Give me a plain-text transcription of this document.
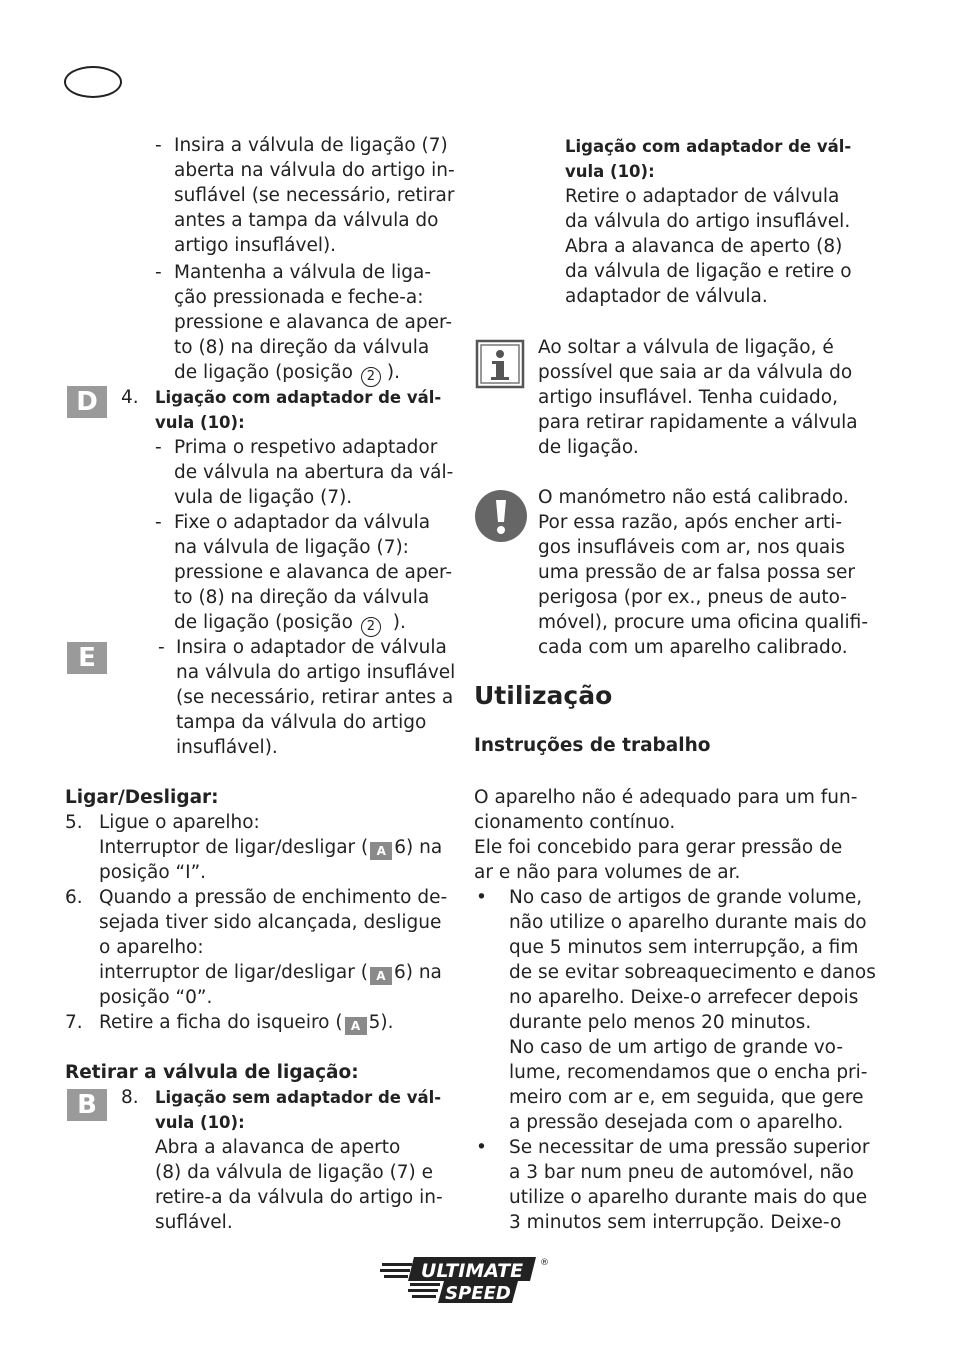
D
E
B
- Insira a válvula de ligação (7)
aberta na válvula do artigo in-
suflável (se necessário, retirar
antes a tampa da válvula do
artigo insuflável).
- Mantenha a válvula de liga-
ção pressionada e feche-a:
pressione e alavanca de aper-
to (8) na direção da válvula
de ligação (posição 2 ).
4. Ligação com adaptador de vál-
vula (10):
- Prima o respetivo adaptador
de válvula na abertura da vál-
vula de ligação (7).
- Fixe o adaptador da válvula
na válvula de ligação (7):
pressione e alavanca de aper-
to (8) na direção da válvula
de ligação (posição 2 ).
- Insira o adaptador de válvula
na válvula do artigo insuflável
(se necessário, retirar antes a
tampa da válvula do artigo
insuflável).
Ligar/Desligar:
5. Ligue o aparelho:
Interruptor de ligar/desligar ( A 6) na
posição “I”.
6. Quando a pressão de enchimento de-
sejada tiver sido alcançada, desligue
o aparelho:
interruptor de ligar/desligar ( A 6) na
posição “0”.
7. Retire a ficha do isqueiro ( A 5).
Retirar a válvula de ligação:
8. Ligação sem adaptador de vál-
vula (10):
Abra a alavanca de aperto
(8) da válvula de ligação (7) e
retire-a da válvula do artigo in-
suflável.
Ligação com adaptador de vál-
vula (10):
Retire o adaptador de válvula
da válvula do artigo insuflável.
Abra a alavanca de aperto (8)
da válvula de ligação e retire o
adaptador de válvula.
Ao soltar a válvula de ligação, é
possível que saia ar da válvula do
artigo insuflável. Tenha cuidado,
para retirar rapidamente a válvula
de ligação.
O manómetro não está calibrado.
Por essa razão, após encher arti-
gos insufláveis com ar, nos quais
uma pressão de ar falsa possa ser
perigosa (por ex., pneus de auto-
móvel), procure uma oficina qualifi-
cada com um aparelho calibrado.
Utilização
Instruções de trabalho
O aparelho não é adequado para um fun-
cionamento contínuo.
Ele foi concebido para gerar pressão de
ar e não para volumes de ar.
• No caso de artigos de grande volume,
não utilize o aparelho durante mais do
que 5 minutos sem interrupção, a fim
de se evitar sobreaquecimento e danos
no aparelho. Deixe-o arrefecer depois
durante pelo menos 20 minutos.
No caso de um artigo de grande vo-
lume, recomendamos que o encha pri-
meiro com ar e, em seguida, que gere
a pressão desejada com o aparelho.
• Se necessitar de uma pressão superior
a 3 bar num pneu de automóvel, não
utilize o aparelho durante mais do que
3 minutos sem interrupção. Deixe-o
ULTIMATE
SPEED
®
